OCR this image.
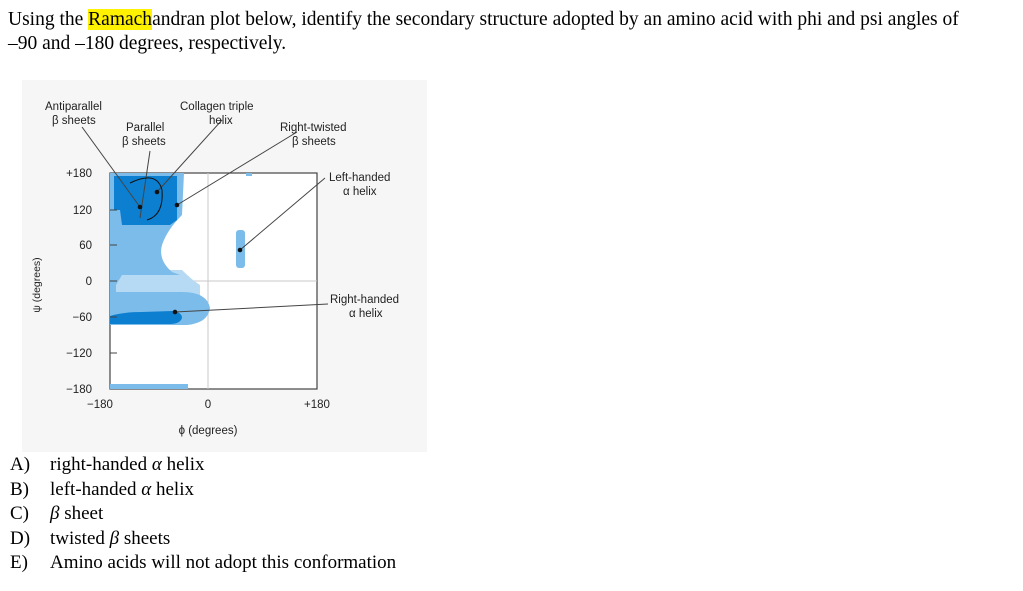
Using the Ramachandran plot below, identify the secondary structure adopted by an amino acid with phi and psi angles of
–90 and –180 degrees, respectively.
Antiparallel
β sheets
Parallel
β sheets
Collagen triple
helix
Right-twisted
β sheets
Left-handed
α helix
Right-handed
α helix
+180
120
60
0
−60
−120
−180
−180	0	+180
ϕ (degrees)
ψ (degrees)
A)	right-handed α helix
B)	left-handed α helix
C)	β sheet
D)	twisted β sheets
E)	Amino acids will not adopt this conformation
